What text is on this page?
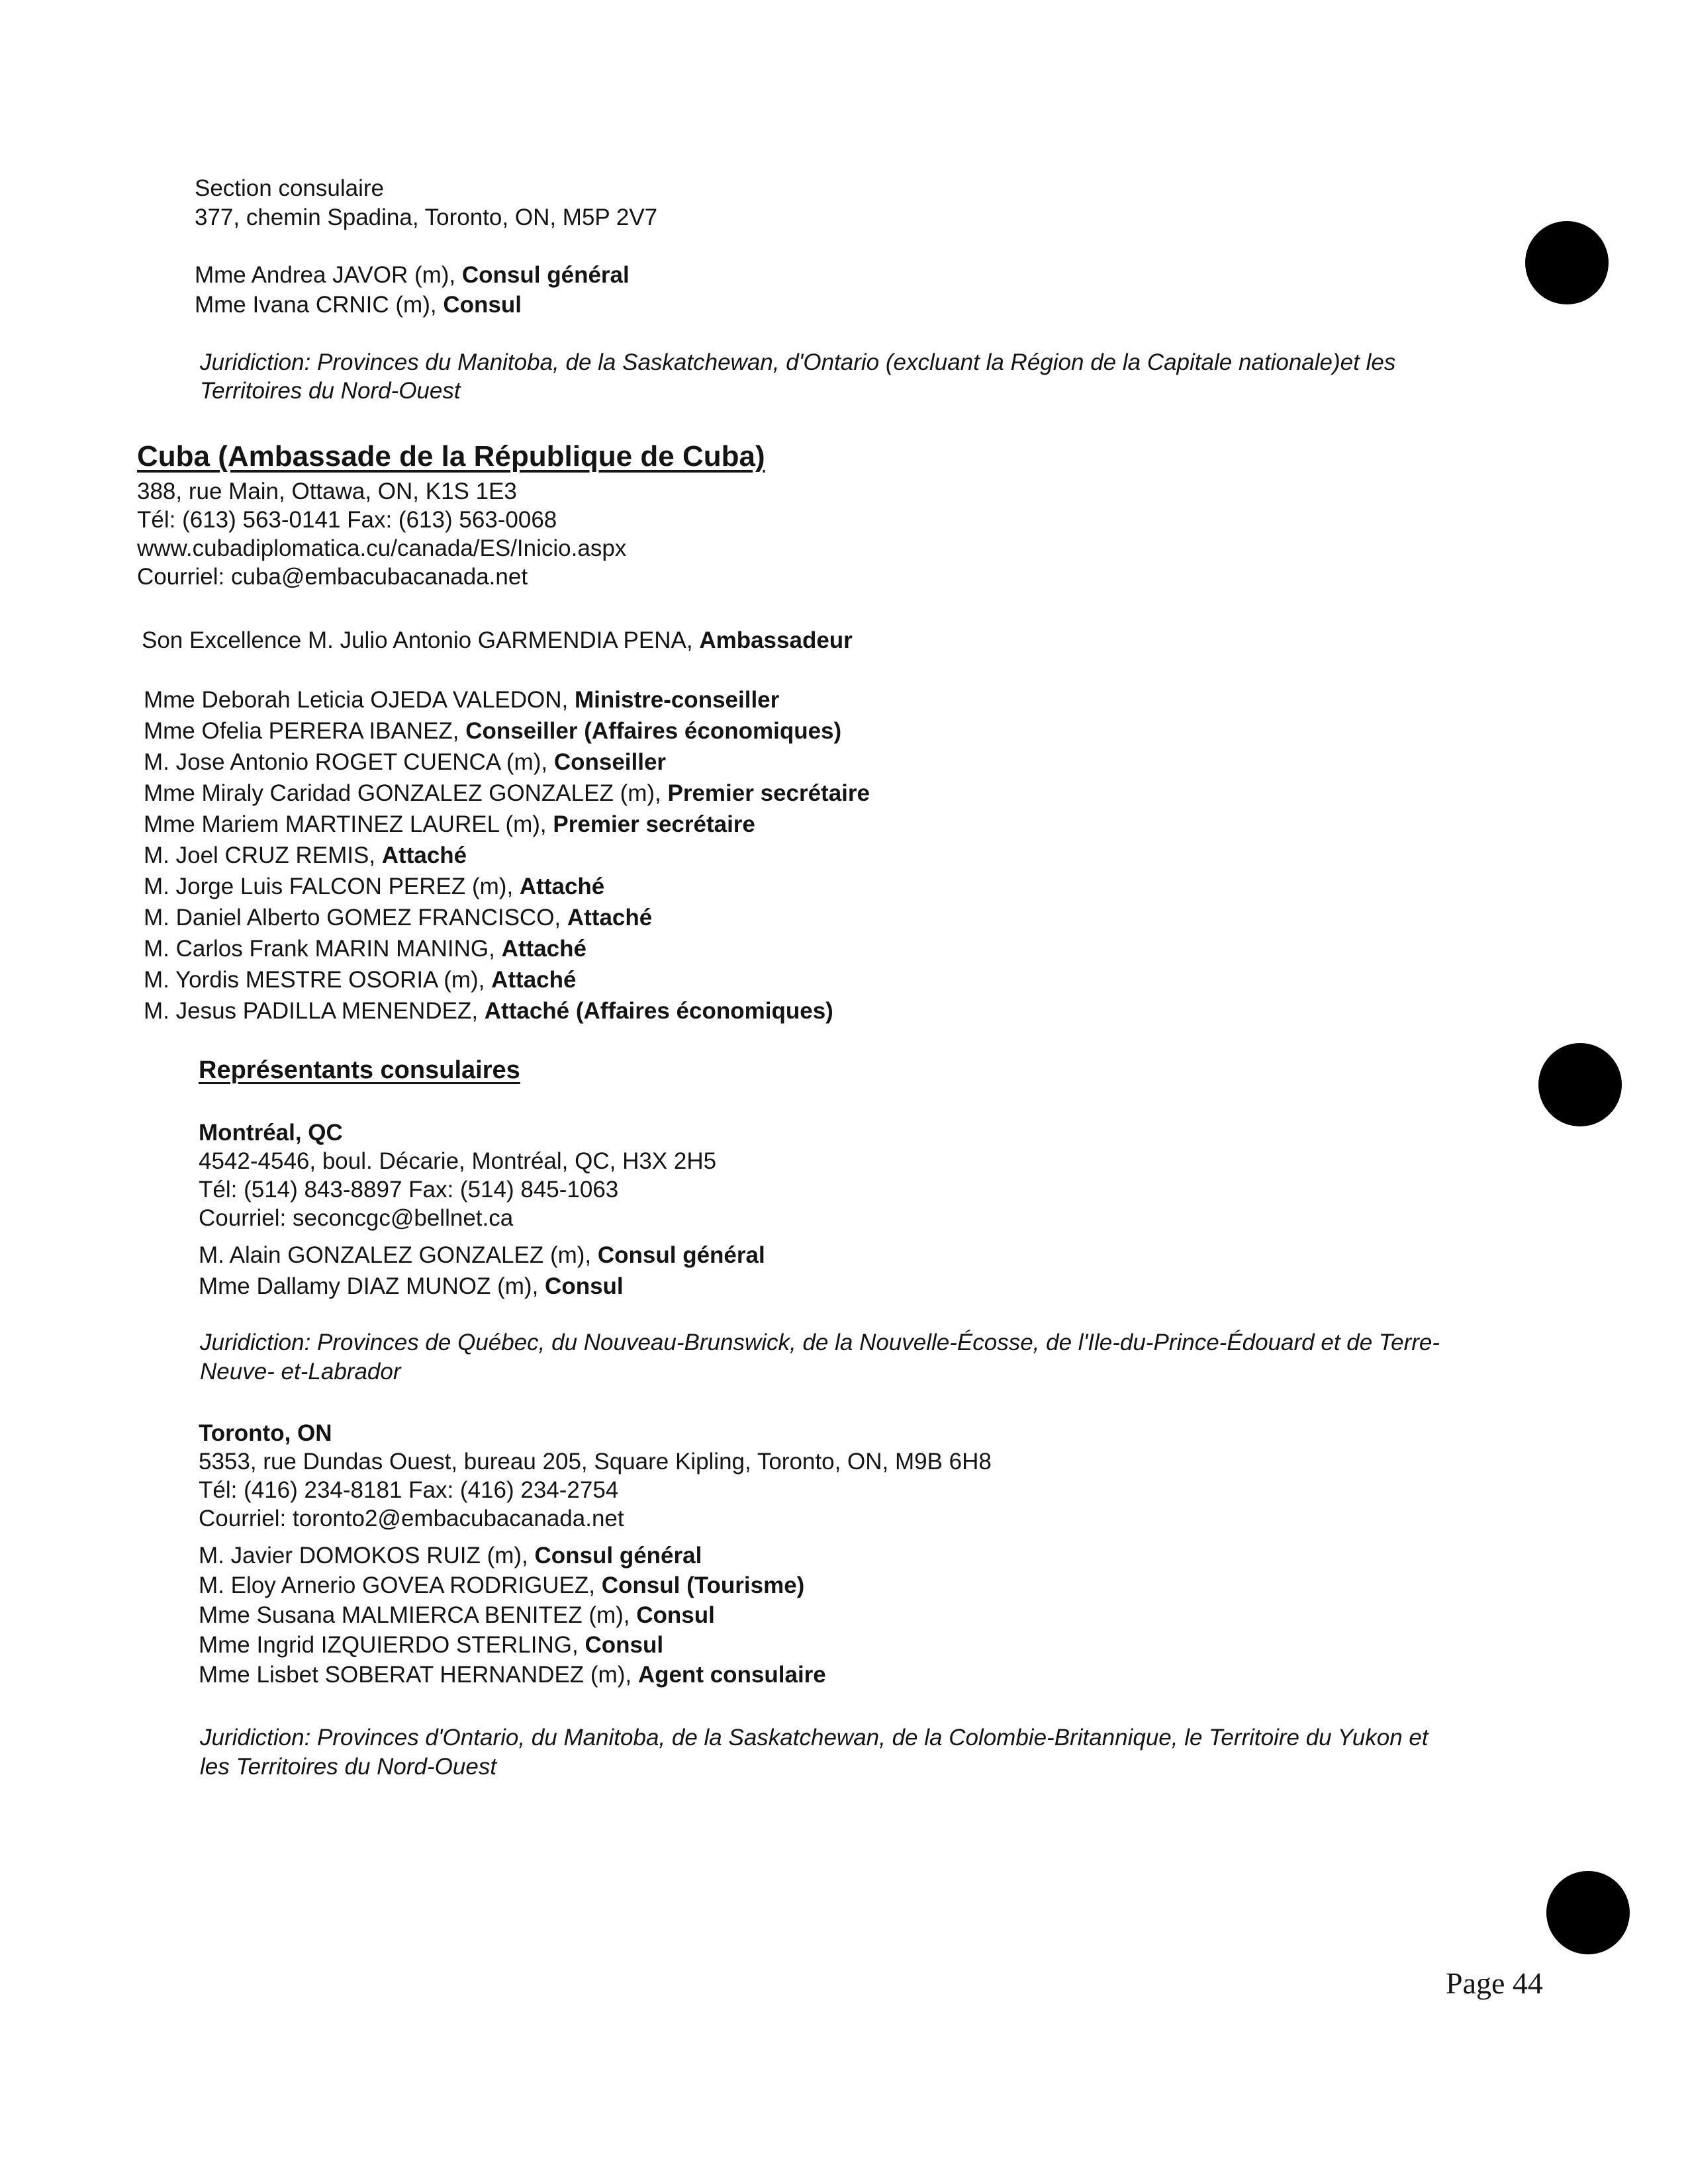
Section consulaire
377, chemin Spadina, Toronto, ON, M5P 2V7
Mme Andrea JAVOR (m), Consul général
Mme Ivana CRNIC (m), Consul
Juridiction: Provinces du Manitoba, de la Saskatchewan, d'Ontario (excluant la Région de la Capitale nationale)et les
Territoires du Nord-Ouest
Cuba (Ambassade de la République de Cuba)
388, rue Main, Ottawa, ON, K1S 1E3
Tél: (613) 563-0141 Fax: (613) 563-0068
www.cubadiplomatica.cu/canada/ES/Inicio.aspx
Courriel: cuba@embacubacanada.net
Son Excellence M. Julio Antonio GARMENDIA PENA, Ambassadeur
Mme Deborah Leticia OJEDA VALEDON, Ministre-conseiller
Mme Ofelia PERERA IBANEZ, Conseiller (Affaires économiques)
M. Jose Antonio ROGET CUENCA (m), Conseiller
Mme Miraly Caridad GONZALEZ GONZALEZ (m), Premier secrétaire
Mme Mariem MARTINEZ LAUREL (m), Premier secrétaire
M. Joel CRUZ REMIS, Attaché
M. Jorge Luis FALCON PEREZ (m), Attaché
M. Daniel Alberto GOMEZ FRANCISCO, Attaché
M. Carlos Frank MARIN MANING, Attaché
M. Yordis MESTRE OSORIA (m), Attaché
M. Jesus PADILLA MENENDEZ, Attaché (Affaires économiques)
Représentants consulaires
Montréal, QC
4542-4546, boul. Décarie, Montréal, QC, H3X 2H5
Tél: (514) 843-8897 Fax: (514) 845-1063
Courriel: seconcgc@bellnet.ca
M. Alain GONZALEZ GONZALEZ (m), Consul général
Mme Dallamy DIAZ MUNOZ (m), Consul
Juridiction: Provinces de Québec, du Nouveau-Brunswick, de la Nouvelle-Écosse, de l'Ile-du-Prince-Édouard et de Terre-
Neuve- et-Labrador
Toronto, ON
5353, rue Dundas Ouest, bureau 205, Square Kipling, Toronto, ON, M9B 6H8
Tél: (416) 234-8181 Fax: (416) 234-2754
Courriel: toronto2@embacubacanada.net
M. Javier DOMOKOS RUIZ (m), Consul général
M. Eloy Arnerio GOVEA RODRIGUEZ, Consul (Tourisme)
Mme Susana MALMIERCA BENITEZ (m), Consul
Mme Ingrid IZQUIERDO STERLING, Consul
Mme Lisbet SOBERAT HERNANDEZ (m), Agent consulaire
Juridiction: Provinces d'Ontario, du Manitoba, de la Saskatchewan, de la Colombie-Britannique, le Territoire du Yukon et
les Territoires du Nord-Ouest
Page 44
